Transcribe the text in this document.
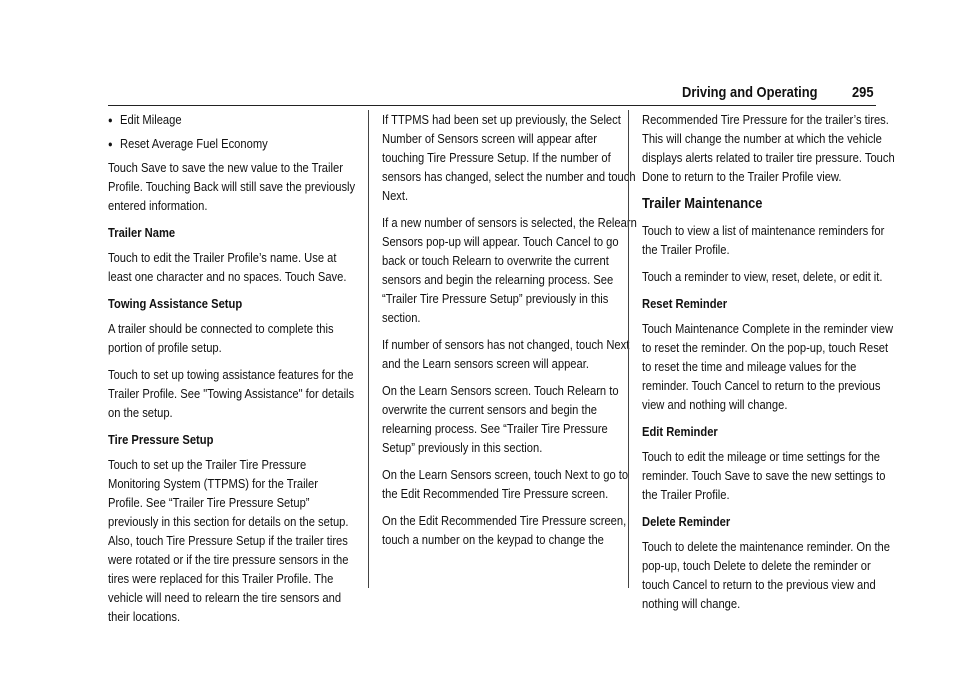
Driving and Operating 295
● Edit Mileage
● Reset Average Fuel Economy

Touch Save to save the new value to the Trailer Profile. Touching Back will still save the previously entered information.

Trailer Name

Touch to edit the Trailer Profile’s name. Use at least one character and no spaces. Touch Save.

Towing Assistance Setup

A trailer should be connected to complete this portion of profile setup.

Touch to set up towing assistance features for the Trailer Profile. See "Towing Assistance" for details on the setup.

Tire Pressure Setup

Touch to set up the Trailer Tire Pressure Monitoring System (TTPMS) for the Trailer Profile. See “Trailer Tire Pressure Setup” previously in this section for details on the setup. Also, touch Tire Pressure Setup if the trailer tires were rotated or if the tire pressure sensors in the tires were replaced for this Trailer Profile. The vehicle will need to relearn the tire sensors and their locations.

If TTPMS had been set up previously, the Select Number of Sensors screen will appear after touching Tire Pressure Setup. If the number of sensors has changed, select the number and touch Next.

If a new number of sensors is selected, the Relearn Sensors pop-up will appear. Touch Cancel to go back or touch Relearn to overwrite the current sensors and begin the relearning process. See “Trailer Tire Pressure Setup” previously in this section.

If number of sensors has not changed, touch Next and the Learn sensors screen will appear.

On the Learn Sensors screen. Touch Relearn to overwrite the current sensors and begin the relearning process. See “Trailer Tire Pressure Setup” previously in this section.

On the Learn Sensors screen, touch Next to go to the Edit Recommended Tire Pressure screen.

On the Edit Recommended Tire Pressure screen, touch a number on the keypad to change the

Recommended Tire Pressure for the trailer’s tires. This will change the number at which the vehicle displays alerts related to trailer tire pressure. Touch Done to return to the Trailer Profile view.

Trailer Maintenance

Touch to view a list of maintenance reminders for the Trailer Profile.

Touch a reminder to view, reset, delete, or edit it.

Reset Reminder

Touch Maintenance Complete in the reminder view to reset the reminder. On the pop-up, touch Reset to reset the time and mileage values for the reminder. Touch Cancel to return to the previous view and nothing will change.

Edit Reminder

Touch to edit the mileage or time settings for the reminder. Touch Save to save the new settings to the Trailer Profile.

Delete Reminder

Touch to delete the maintenance reminder. On the pop-up, touch Delete to delete the reminder or touch Cancel to return to the previous view and nothing will change.
